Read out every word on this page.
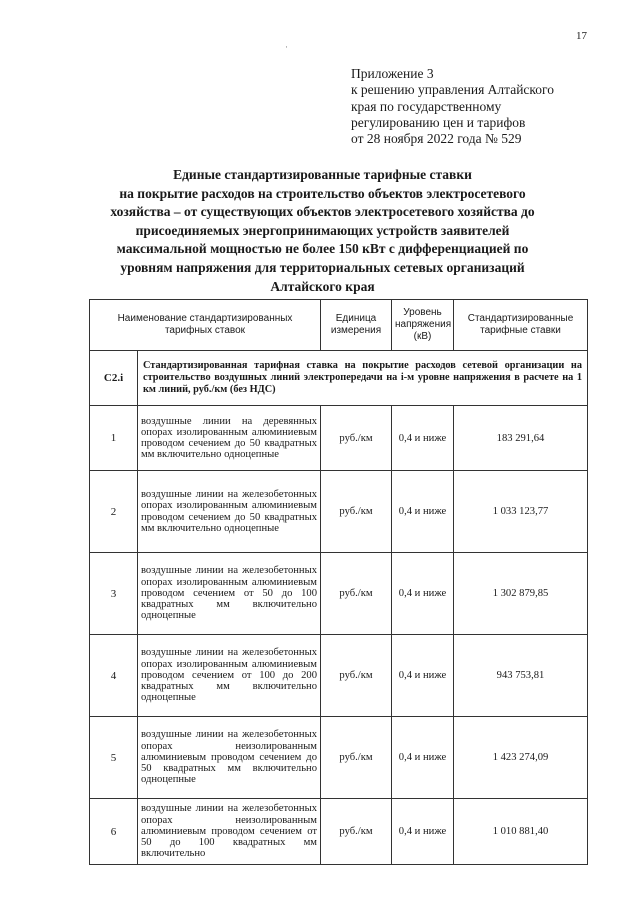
17
·
Приложение 3
к решению управления Алтайского
края по государственному
регулированию цен и тарифов
от 28 ноября 2022 года № 529
Единые стандартизированные тарифные ставки
на покрытие расходов на строительство объектов электросетевого
хозяйства – от существующих объектов электросетевого хозяйства до
присоединяемых энергопринимающих устройств заявителей
максимальной мощностью не более 150 кВт с дифференциацией по
уровням напряжения для территориальных сетевых организаций
Алтайского края
Наименование стандартизированных тарифных ставок		Единица измерения	Уровень напряжения (кВ)	Стандартизированные тарифные ставки
С2.i	Стандартизированная тарифная ставка на покрытие расходов сетевой организации на строительство воздушных линий электропередачи на i-м уровне напряжения в расчете на 1 км линий, руб./км (без НДС)			
1	воздушные линии на деревянных опорах изолированным алюминиевым проводом сечением до 50 квадратных мм включительно одноцепные	руб./км	0,4 и ниже	183 291,64
2	воздушные линии на железобетонных опорах изолированным алюминиевым проводом сечением до 50 квадратных мм включительно одноцепные	руб./км	0,4 и ниже	1 033 123,77
3	воздушные линии на железобетонных опорах изолированным алюминиевым проводом сечением от 50 до 100 квадратных мм включительно одноцепные	руб./км	0,4 и ниже	1 302 879,85
4	воздушные линии на железобетонных опорах изолированным алюминиевым проводом сечением от 100 до 200 квадратных мм включительно одноцепные	руб./км	0,4 и ниже	943 753,81
5	воздушные линии на железобетонных опорах неизолированным алюминиевым проводом сечением до 50 квадратных мм включительно одноцепные	руб./км	0,4 и ниже	1 423 274,09
6	воздушные линии на железобетонных опорах неизолированным алюминиевым проводом сечением от 50 до 100 квадратных мм включительно	руб./км	0,4 и ниже	1 010 881,40
